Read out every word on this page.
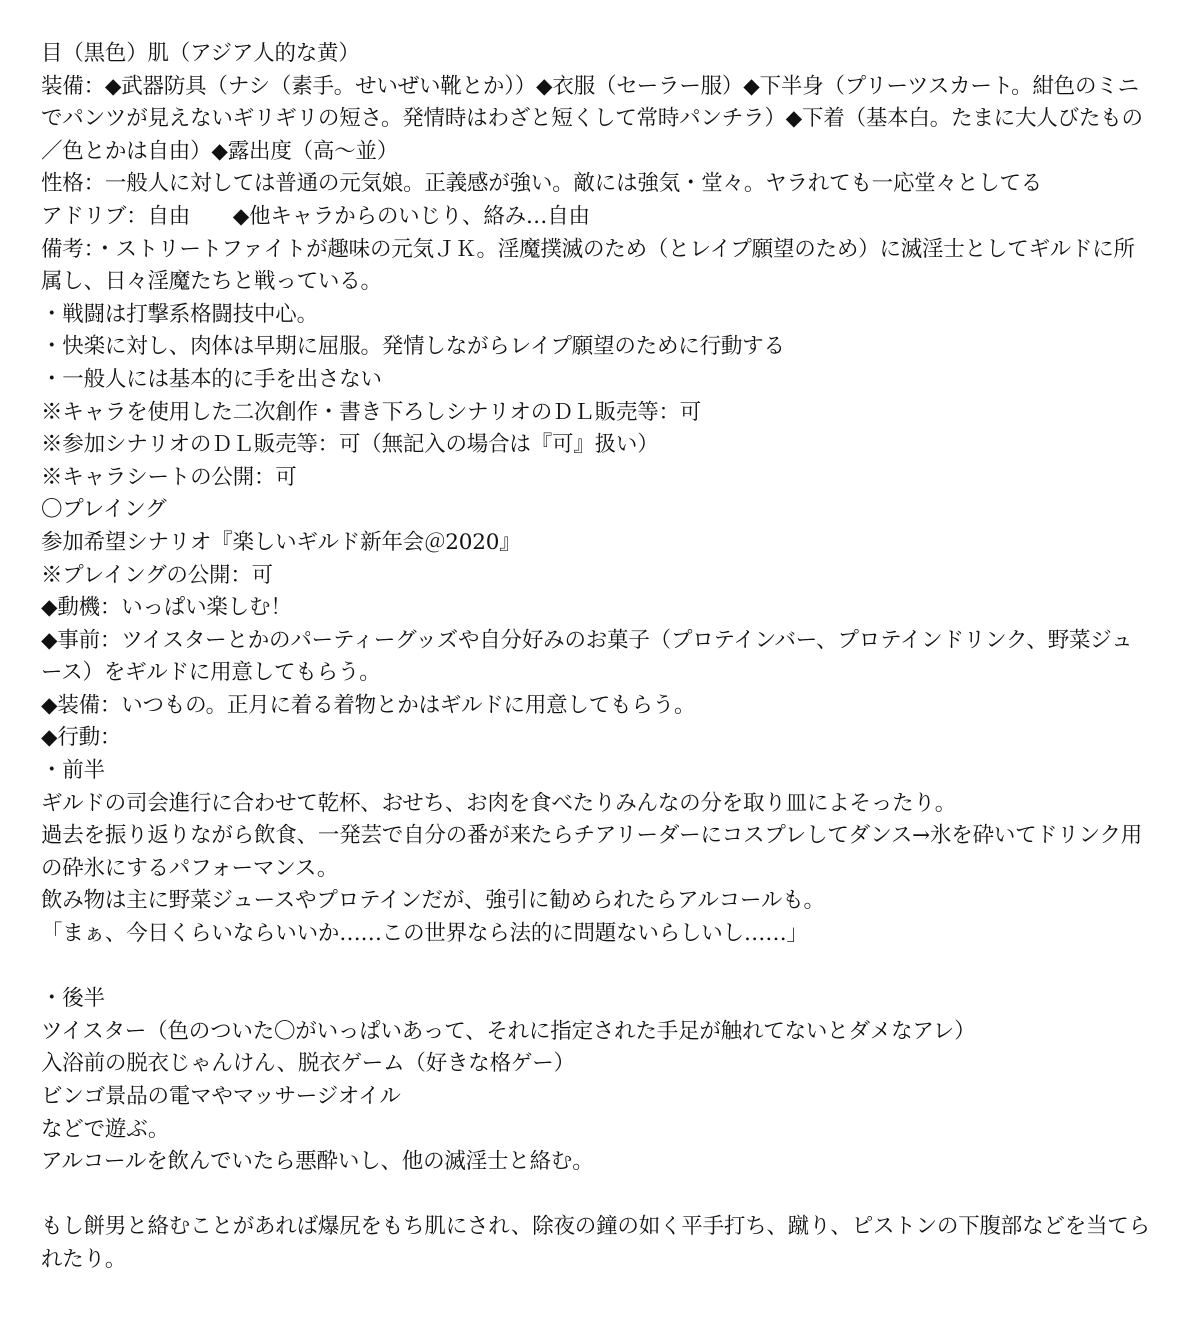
目（黒色）肌（アジア人的な黄）

装備：◆武器防具（ナシ（素手。せいぜい靴とか））◆衣服（セーラー服）◆下半身（プリーツスカート。紺色のミニでパンツが見えないギリギリの短さ。発情時はわざと短くして常時パンチラ）◆下着（基本白。たまに大人びたもの／色とかは自由）◆露出度（高〜並）

性格：一般人に対しては普通の元気娘。正義感が強い。敵には強気・堂々。ヤラれても一応堂々としてる

アドリブ：自由　　◆他キャラからのいじり、絡み…自由

備考：・ストリートファイトが趣味の元気ＪＫ。淫魔撲滅のため（とレイプ願望のため）に滅淫士としてギルドに所属し、日々淫魔たちと戦っている。

・戦闘は打撃系格闘技中心。

・快楽に対し、肉体は早期に屈服。発情しながらレイプ願望のために行動する

・一般人には基本的に手を出さない

※キャラを使用した二次創作・書き下ろしシナリオのＤＬ販売等：可

※参加シナリオのＤＬ販売等：可（無記入の場合は『可』扱い）

※キャラシートの公開：可

〇プレイング

参加希望シナリオ『楽しいギルド新年会＠2020』

※プレイングの公開：可

◆動機：いっぱい楽しむ！

◆事前：ツイスターとかのパーティーグッズや自分好みのお菓子（プロテインバー、プロテインドリンク、野菜ジュース）をギルドに用意してもらう。

◆装備：いつもの。正月に着る着物とかはギルドに用意してもらう。

◆行動：

・前半

ギルドの司会進行に合わせて乾杯、おせち、お肉を食べたりみんなの分を取り皿によそったり。

過去を振り返りながら飲食、一発芸で自分の番が来たらチアリーダーにコスプレしてダンス→氷を砕いてドリンク用の砕氷にするパフォーマンス。

飲み物は主に野菜ジュースやプロテインだが、強引に勧められたらアルコールも。

「まぁ、今日くらいならいいか……この世界なら法的に問題ないらしいし……」

・後半

ツイスター（色のついた〇がいっぱいあって、それに指定された手足が触れてないとダメなアレ）

入浴前の脱衣じゃんけん、脱衣ゲーム（好きな格ゲー）

ビンゴ景品の電マやマッサージオイル

などで遊ぶ。

アルコールを飲んでいたら悪酔いし、他の滅淫士と絡む。

もし餅男と絡むことがあれば爆尻をもち肌にされ、除夜の鐘の如く平手打ち、蹴り、ピストンの下腹部などを当てられたり。
